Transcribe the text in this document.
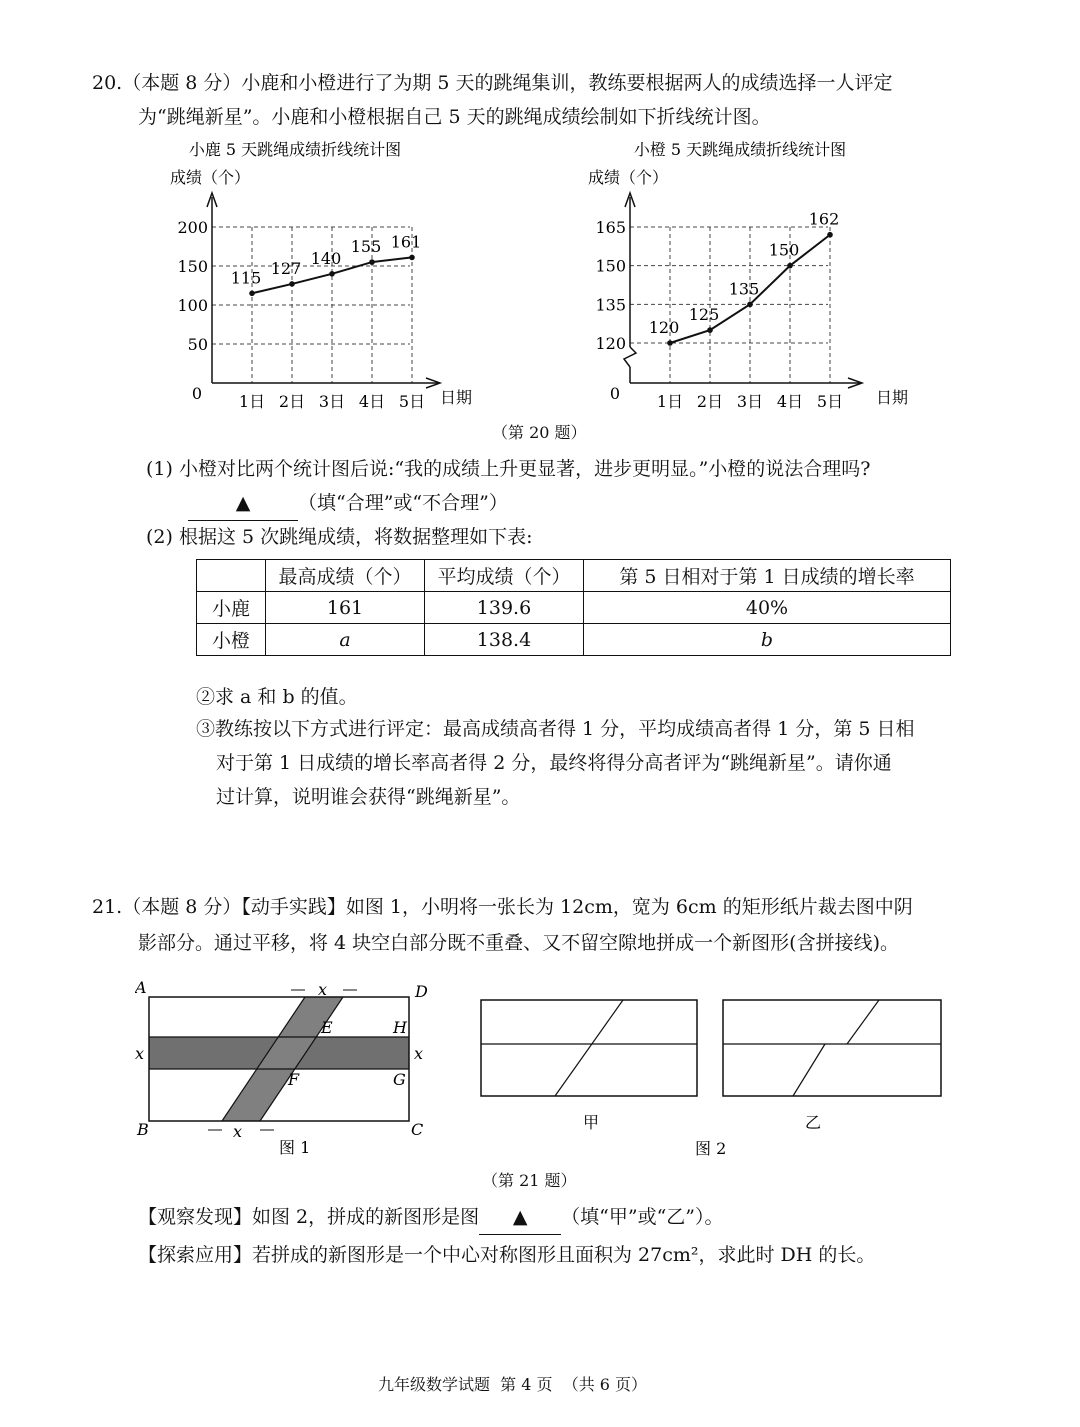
20.（本题 8 分）小鹿和小橙进行了为期 5 天的跳绳集训，教练要根据两人的成绩选择一人评定
为“跳绳新星”。小鹿和小橙根据自己 5 天的跳绳成绩绘制如下折线统计图。
小鹿 5 天跳绳成绩折线统计图
成绩（个）
0
50
100
150
200
1日 2日 3日 4日 5日
115 127
140
155 161
日期
小橙 5 天跳绳成绩折线统计图
成绩（个）
0
120
135
150
165
1日 2日 3日 4日 5日
120
125
135
150
162
日期
（第 20 题）
(1) 小橙对比两个统计图后说:“我的成绩上升更显著，进步更明显。”小橙的说法合理吗?
▲	（填“合理”或“不合理”）
(2) 根据这 5 次跳绳成绩，将数据整理如下表:
	最高成绩（个）	平均成绩（个）	第 5 日相对于第 1 日成绩的增长率
小鹿	161	139.6	40%
小橙	a	138.4	b
②求 a 和 b 的值。
③教练按以下方式进行评定：最高成绩高者得 1 分，平均成绩高者得 1 分，第 5 日相
对于第 1 日成绩的增长率高者得 2 分，最终将得分高者评为“跳绳新星”。请你通
过计算，说明谁会获得“跳绳新星”。
21.（本题 8 分）【动手实践】如图 1，小明将一张长为 12cm，宽为 6cm 的矩形纸片裁去图中阴
影部分。通过平移，将 4 块空白部分既不重叠、又不留空隙地拼成一个新图形(含拼接线)。
A	D
B	C
E	H
F	G
x	x
x
x
图 1
甲	乙
图 2
（第 21 题）
【观察发现】如图 2，拼成的新图形是图 ▲ （填“甲”或“乙”）。
【探索应用】若拼成的新图形是一个中心对称图形且面积为 27cm²，求此时 DH 的长。
九年级数学试题  第 4 页  （共 6 页）
